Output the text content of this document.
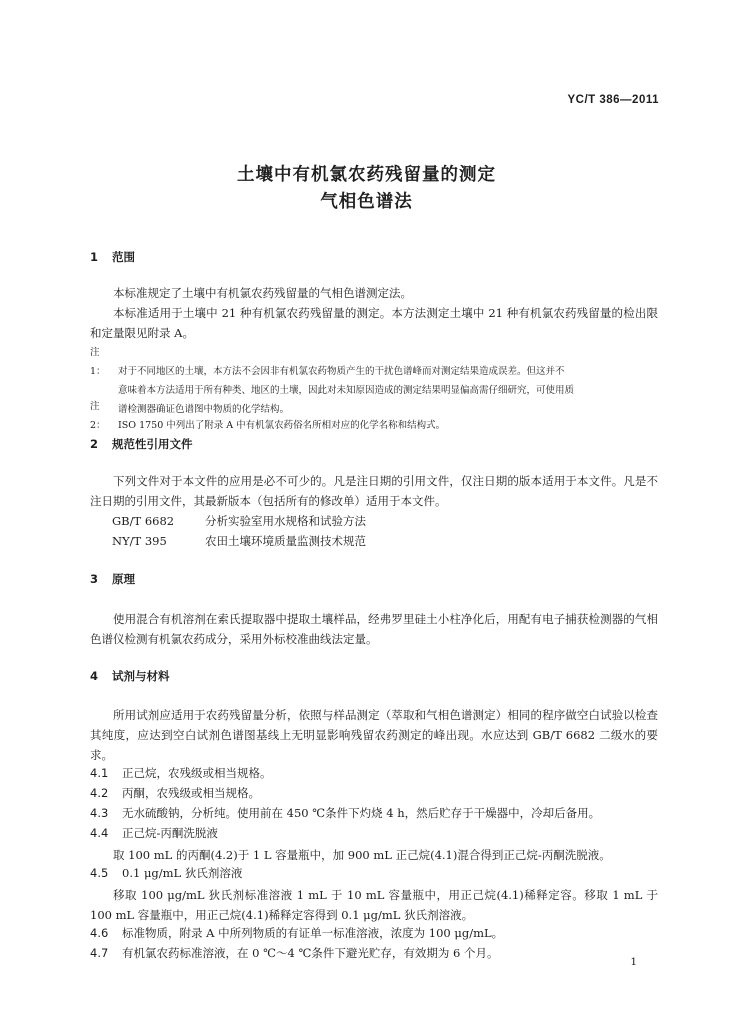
YC/T 386—2011
土壤中有机氯农药残留量的测定
气相色谱法
1 范围
本标准规定了土壤中有机氯农药残留量的气相色谱测定法。
本标准适用于土壤中 21 种有机氯农药残留量的测定。本方法测定土壤中 21 种有机氯农药残留量的检出限和定量限见附录 A。
注 1： 对于不同地区的土壤，本方法不会因非有机氯农药物质产生的干扰色谱峰而对测定结果造成误差。但这并不
意味着本方法适用于所有种类、地区的土壤，因此对未知原因造成的测定结果明显偏高需仔细研究，可使用质
谱检测器确证色谱图中物质的化学结构。
注 2： ISO 1750 中列出了附录 A 中有机氯农药俗名所相对应的化学名称和结构式。
2 规范性引用文件
下列文件对于本文件的应用是必不可少的。凡是注日期的引用文件，仅注日期的版本适用于本文件。凡是不注日期的引用文件，其最新版本（包括所有的修改单）适用于本文件。
GB/T 6682	分析实验室用水规格和试验方法
NY/T 395	农田土壤环境质量监测技术规范
3 原理
使用混合有机溶剂在索氏提取器中提取土壤样品，经弗罗里硅土小柱净化后，用配有电子捕获检测器的气相色谱仪检测有机氯农药成分，采用外标校准曲线法定量。
4 试剂与材料
所用试剂应适用于农药残留量分析，依照与样品测定（萃取和气相色谱测定）相同的程序做空白试验以检查其纯度，应达到空白试剂色谱图基线上无明显影响残留农药测定的峰出现。水应达到 GB/T 6682 二级水的要求。
4.1 正己烷，农残级或相当规格。
4.2 丙酮，农残级或相当规格。
4.3 无水硫酸钠，分析纯。使用前在 450 ℃条件下灼烧 4 h，然后贮存于干燥器中，冷却后备用。
4.4 正己烷-丙酮洗脱液
取 100 mL 的丙酮(4.2)于 1 L 容量瓶中，加 900 mL 正己烷(4.1)混合得到正己烷-丙酮洗脱液。
4.5 0.1 μg/mL 狄氏剂溶液
移取 100 μg/mL 狄氏剂标准溶液 1 mL 于 10 mL 容量瓶中，用正己烷(4.1)稀释定容。移取 1 mL 于 100 mL 容量瓶中，用正己烷(4.1)稀释定容得到 0.1 μg/mL 狄氏剂溶液。
4.6 标准物质，附录 A 中所列物质的有证单一标准溶液，浓度为 100 μg/mL。
4.7 有机氯农药标准溶液，在 0 ℃～4 ℃条件下避光贮存，有效期为 6 个月。
1
